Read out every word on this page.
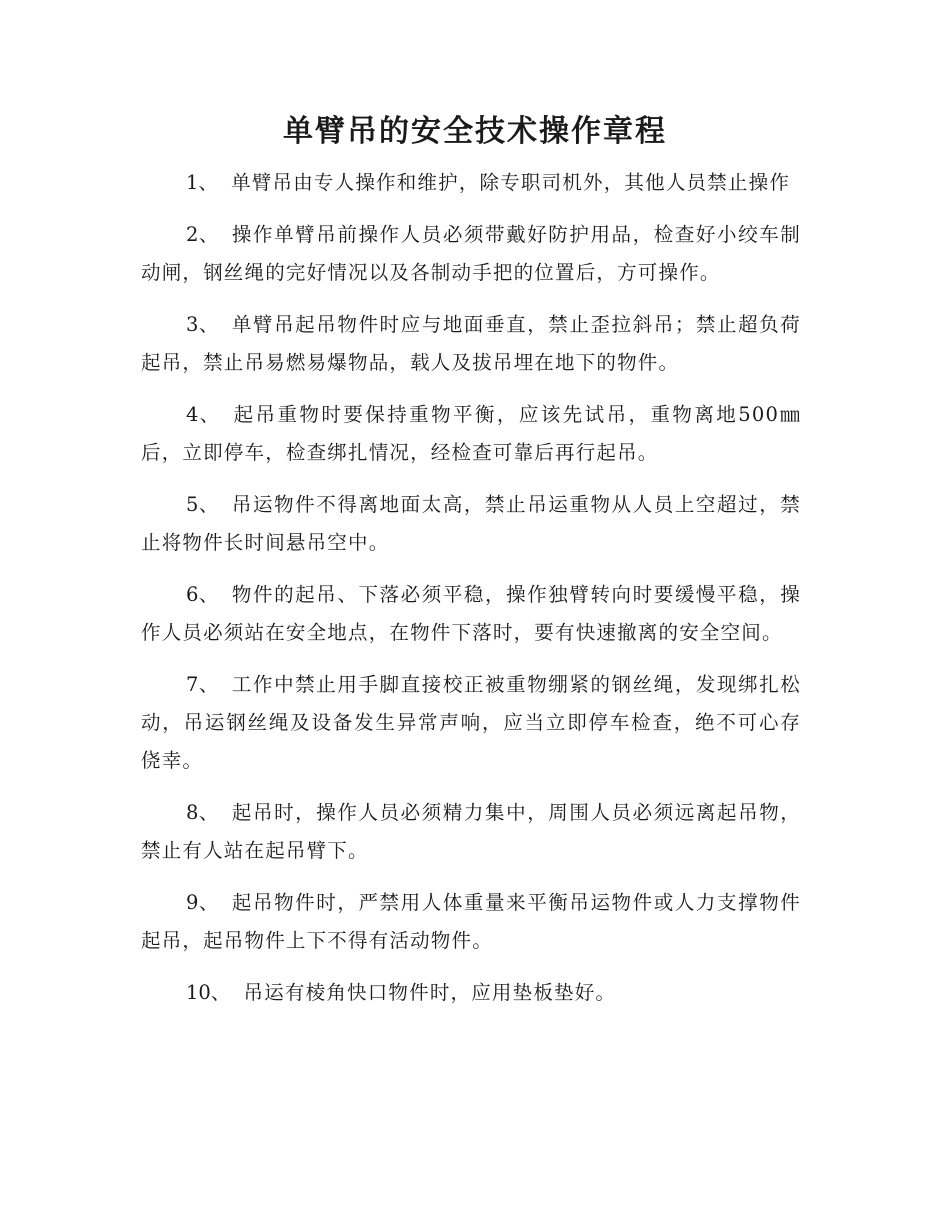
单臂吊的安全技术操作章程

1、 单臂吊由专人操作和维护，除专职司机外，其他人员禁止操作

2、 操作单臂吊前操作人员必须带戴好防护用品，检查好小绞车制动闸，钢丝绳的完好情况以及各制动手把的位置后，方可操作。

3、 单臂吊起吊物件时应与地面垂直，禁止歪拉斜吊；禁止超负荷起吊，禁止吊易燃易爆物品，载人及拔吊埋在地下的物件。

4、 起吊重物时要保持重物平衡，应该先试吊，重物离地500㎜后，立即停车，检查绑扎情况，经检查可靠后再行起吊。

5、 吊运物件不得离地面太高，禁止吊运重物从人员上空超过，禁止将物件长时间悬吊空中。

6、 物件的起吊、下落必须平稳，操作独臂转向时要缓慢平稳，操作人员必须站在安全地点，在物件下落时，要有快速撤离的安全空间。

7、 工作中禁止用手脚直接校正被重物绷紧的钢丝绳，发现绑扎松动，吊运钢丝绳及设备发生异常声响，应当立即停车检查，绝不可心存侥幸。

8、 起吊时，操作人员必须精力集中，周围人员必须远离起吊物，禁止有人站在起吊臂下。

9、 起吊物件时，严禁用人体重量来平衡吊运物件或人力支撑物件起吊，起吊物件上下不得有活动物件。

10、 吊运有棱角快口物件时，应用垫板垫好。
